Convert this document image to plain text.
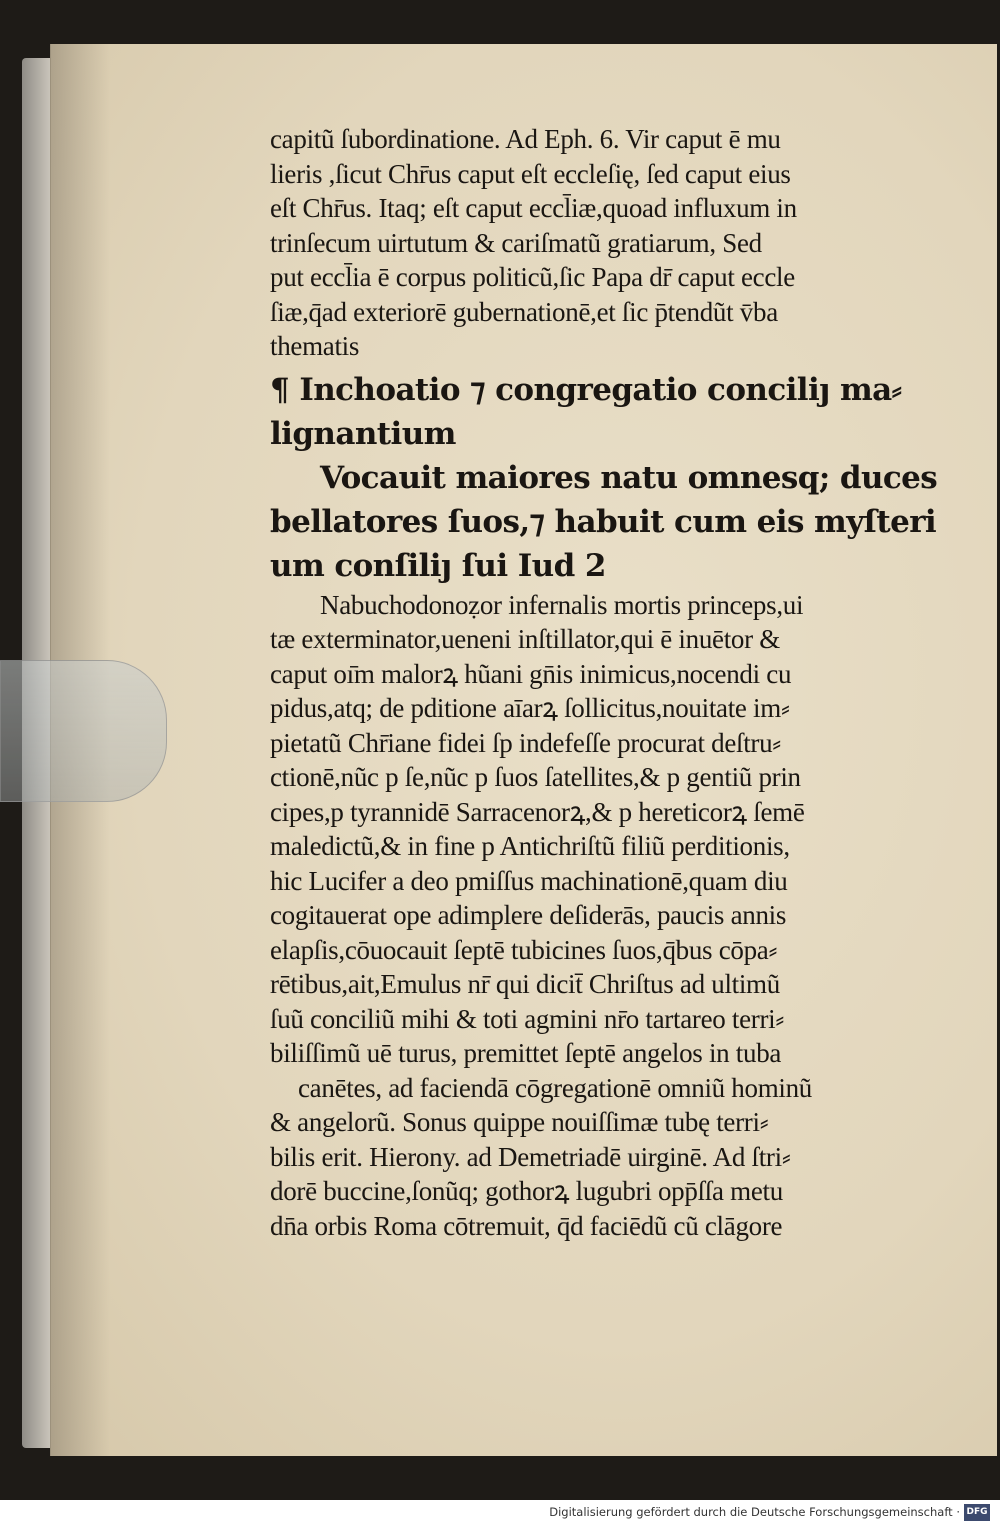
capitũ ſubordinatione. Ad Eph. 6. Vir caput ē mu
lieris ,ſicut Chr̄us caput eſt eccleſię, ſed caput eius
eſt Chr̄us. Itaq; eſt caput eccl̄iæ,quoad influxum in
trinſecum uirtutum & cariſmatũ gratiarum, Sed
put eccl̄ia ē corpus politicũ,ſic Papa dr̄ caput eccle
ſiæ,q̄ad exteriorē gubernationē,et ſic p̄tendũt v̄ba
thematis
¶ Inchoatio ⁊ congregatio conciliȷ ma⸗
lignantium
Vocauit maiores natu omnesq; duces
bellatores ſuos,⁊ habuit cum eis myſteri
um conſiliȷ ſui Iud 2
Nabuchodonoẓor infernalis mortis princeps,ui
tæ exterminator,ueneni inſtillator,qui ē inuētor &
caput oı̄m malorꝝ hũani gn̄is inimicus,nocendi cu
pidus,atq; de pditione aīarꝝ ſollicitus,nouitate im⸗
pietatũ Chr̄iane fidei ſp indefeſſe procurat deſtru⸗
ctionē,nũc p ſe,nũc p ſuos ſatellites,& p gentiũ prin
cipes,p tyrannidē Sarracenorꝝ,& p hereticorꝝ ſemē
maledictũ,& in fine p Antichriſtũ filiũ perditionis,
hic Lucifer a deo pmiſſus machinationē,quam diu
cogitauerat ope adimplere deſiderās, paucis annis
elapſis,cōuocauit ſeptē tubicines ſuos,q̄bus cōpa⸗
rētibus,ait,Emulus nr̄ qui dicit̄ Chriſtus ad ultimũ
ſuũ conciliũ mihi & toti agmini nr̄o tartareo terri⸗
biliſſimũ uē turus, premittet ſeptē angelos in tuba
canētes, ad faciendā cōgregationē omniũ hominũ
& angelorũ. Sonus quippe nouiſſimæ tubę terri⸗
bilis erit. Hierony. ad Demetriadē uirginē. Ad ſtri⸗
dorē buccine,ſonũq; gothorꝝ lugubri opp̄ſſa metu
dn̄a orbis Roma cōtremuit, q̄d faciēdũ cũ clāgore
Digitalisierung gefördert durch die Deutsche Forschungsgemeinschaft · DFG
